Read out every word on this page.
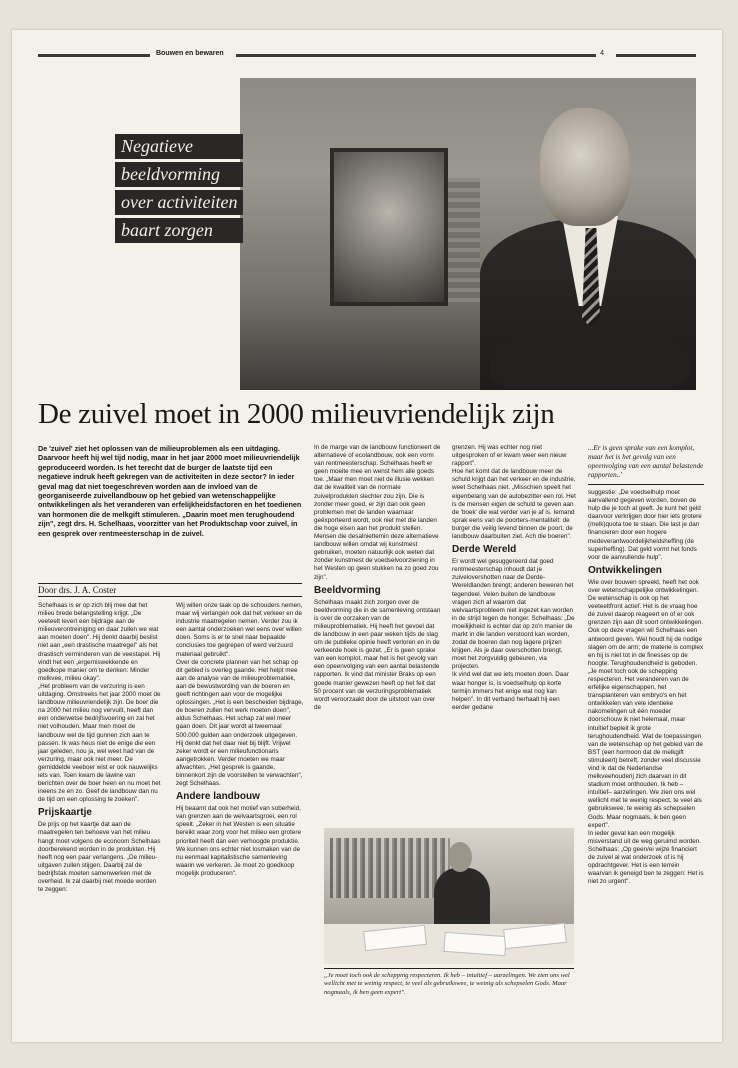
Bouwen en bewaren	4
Negatieve
beeldvorming
over activiteiten
baart zorgen
De zuivel moet in 2000 milieuvriendelijk zijn
De 'zuivel' ziet het oplossen van de milieuproblemen als een uitdaging. Daarvoor heeft hij wel tijd nodig, maar in het jaar 2000 moet milieuvriendelijk geproduceerd worden. Is het terecht dat de burger de laatste tijd een negatieve indruk heeft gekregen van de activiteiten in deze sector? In ieder geval mag dat niet toegeschreven worden aan de invloed van de georganiseerde zuivellandbouw op het gebied van wetenschappelijke ontwikkelingen als het veranderen van erfelijkheidsfactoren en het toedienen van hormonen die de melkgift stimuleren. „Daarin moet men terughoudend zijn", zegt drs. H. Schelhaas, voorzitter van het Produktschap voor zuivel, in een gesprek over rentmeesterschap in de zuivel.
Door drs. J. A. Coster

Schelhaas is er op zich blij mee dat het milieu brede belangstelling krijgt. „De veeteelt levert een bijdrage aan de milieuverontreiniging en daar zullen we wat aan moeten doen". Hij denkt daarbij beslist niet aan „een drastische maatregel" als het drastisch verminderen van de veestapel. Hij vindt het een „ergerniswekkende en goedkope manier om te denken: Minder melkvee, milieu okay".

„Het probleem van de verzuring is een uitdaging. Omstreeks het jaar 2000 moet de landbouw milieuvriendelijk zijn. De boer die na 2000 het milieu nog vervuilt, heeft dan een onderwetse bedrijfsvoering en zal het niet volhouden. Maar men moet de landbouw wel de tijd gunnen zich aan te passen. Ik was heus niet de enige die een jaar geleden, nou ja, wel weet had van de verzuring, maar ook niet meer. De gemiddelde veeboer wist er ook nauwelijks iets van. Toen kwam de lawine van berichten over de boer heen en nu moet het ineens ze en zo. Geef de landbouw dan nu de tijd om een oplossing te zoeken".

Prijskaartje

De prijs op het kaartje dat aan de maatregelen ten behoeve van het milieu hangt moet volgens de econoom Schelhaas doorberekend worden in de produkten. Hij heeft nog een paar verlangens. „De milieu-uitgaven zullen stijgen. Daarbij zal de bedrijfstak moeten samenwerken met de overheid. Ik zal daarbij niet moede worden te zeggen:

Wij willen onze taak op de schouders nemen, maar wij verlangen ook dat het verkeer en de industrie maatregelen nemen. Verder zou ik een aantal onderzoeken wel eens over willen doen. Soms is er te snel naar bepaalde conclusies toe gegrepen of werd verzuurd materiaal gebruikt".

Over de concrete plannen van het schap op dit gebied is overleg gaande. Het helpt mee aan de analyse van de milieuproblematiek, aan de bewustwording van de boeren en geeft richtingen aan voor de mogelijke oplossingen. „Het is een bescheiden bijdrage, de boeren zullen het werk moeten doen", aldus Schelhaas. Het schap zal wel meer gaan doen. Dit jaar wordt al tweemaal 500.000 gulden aan onderzoek uitgegeven. Hij denkt dat het daar niet bij blijft. Vrijwel zeker wordt er een milieufunctionaris aangetrokken. Verder moeten we maar afwachten. „Het gesprek is gaande, binnenkort zijn de voorstellen te verwachten", zegt Schelhaas.

Andere landbouw

Hij beaamt dat ook het motief van soberheid, van grenzen aan de welvaartsgroei, een rol speelt. „Zeker in het Westen is een situatie bereikt waar zorg voor het milieu een grotere prioriteit heeft dan een verhoogde produktie. We kunnen ons echter niet losmaken van de nu eenmaal kapitalistische samenleving waarin we verkeren. Je moet zo goedkoop mogelijk produceren".

In de marge van de landbouw functioneert de alternatieve of ecolandbouw, ook een vorm van rentmeesterschap. Schelhaas heeft er geen moeite mee en wenst hem alle goeds toe. „Maar men moet niet de illusie wekken dat de kwaliteit van de normale zuivelprodukten slechter zou zijn. Die is zonder meer goed, er zijn dan ook geen problemen met de landen waarnaar geëxporteerd wordt, ook niet met die landen die hoge eisen aan het produkt stellen. Mensen die desalniettemin deze alternatieve landbouw willen omdat wij kunstmest gebruiken, moeten natuurlijk ook weten dat zonder kunstmest de voedselvoorziening in het Westen op geen stukken na zo goed zou zijn".

Beeldvorming

Schelhaas maakt zich zorgen over de beeldvorming die in de samenleving ontstaan is over de oorzaken van de milieuproblematiek. Hij heeft het gevoel dat de landbouw in een paar weken tijds de slag om de publieke opinie heeft verloren en in de verkeerde hoek is gezet. „Er is geen sprake van een komplot, maar het is het gevolg van een opeenvolging van een aantal belastende rapporten. Ik vind dat minister Braks op een goede manier gewezen heeft op het feit dat 50 procent van de verzuringsproblematiek wordt veroorzaakt door de uitstoot van over de

grenzen. Hij was echter nog niet uitgesproken of er kwam weer een nieuw rapport".

Hoe het komt dat de landbouw meer de schuld krijgt dan het verkeer en de industrie, weet Schelhaas niet. „Misschien speelt het eigenbelang van de autobezitter een rol. Het is de mensen eigen de schuld te geven aan de 'boek' die wat verder van je af is. Iemand sprak eens van de poorters-mentaliteit: de burger die veilig levend binnen de poort, de landbouw daarbuiten ziet. Ach die boeren".

Derde Wereld

Er wordt wel gesuggereerd dat goed rentmeesterschap inhoudt dat je zuivelovershotten naar de Derde-Wereldlanden brengt; anderen beweren het tegendeel. Velen buiten de landbouw vragen zich af waarom dat welvaartsprobleem niet ingezet kan worden in de strijd tegen de honger. Schelhaas: „De moeilijkheid is echter dat op zo'n manier de markt in die landen verstoord kan worden, zodat de boeren dan nog lagere prijzen krijgen. Als je daar overschotten brengt, moet het zorgvuldig gebeuren, via projecten.

Ik vind wel dat we iets moeten doen. Daar waar honger is, is voedselhulp op korte termijn immers het enige wat nog kan helpen". In dit verband herhaalt hij een eerder gedane

...Er is geen sprake van een komplot, maar het is het gevolg van een opeenvolging van een aantal belastende rapporten..'

suggestie: „De voedselhulp moet aanvallend gegeven worden, boven de hulp die je toch al geeft. Je kunt het geld daarvoor verkrijgen door hier iets grotere (melk)quota toe te staan. Die last je dan financieren door een hogere medeverantwoordelijkheidsheffing (de superheffing). Dat geld vormt het fonds voor de aanvullende hulp".

Ontwikkelingen

Wie over bouwen spreekt, heeft het ook over wetenschappelijke ontwikkelingen. De wetenschap is ook op het veeteeltfront actief. Het is de vraag hoe de zuivel daarop reageert en of er ook grenzen zijn aan dit soort ontwikkelingen.

Ook op deze vragen wil Schelhaas een antwoord geven. Wel houdt hij de nodige slagen om de arm; de materie is complex en hij is niet tot in de finesses op de hoogte. Terughoudendheid is geboden. „Je moet toch ook de schepping respecteren. Het veranderen van de erfelijke eigenschappen, het transplanteren van embryo's en het ontwikkelen van vele identieke nakomelingen uit één moeder doorschouw ik niet helemaal, maar intuïtief bepleit ik grote terughoudendheid. Wat de toepassingen van de wetenschap op het gebied van de BST (een hormoon dat de melkgift stimuleert) betreft, zonder veel discussie vind ik dat de Nederlandse melkveehouderij zich daarvan in dit stadium moet onthouden. Ik heb –intuïtief– aarzelingen. We zien ons wel wellicht met te weinig respect, te veel als gebruikswee, te weinig als schepselen Gods. Maar nogmaals, ik ben geen expert".

In ieder geval kan een mogelijk misverstand uit de weg geruimd worden. Schelhaas: „Op geen/ei wijze financiert de zuivel al wat onderzoek of is hij opdrachtgever. Het is een terrein waarvan ik geneigd ben te zeggen: Het is niet zo urgent".

„Je moet toch ook de schepping respecteren. Ik heb – intuïtief – aarzelingen. We zien ons wel wellicht met te weinig respect, te veel als gebruikswee, te weinig als schepselen Gods. Maar nogmaals, ik ben geen expert".
